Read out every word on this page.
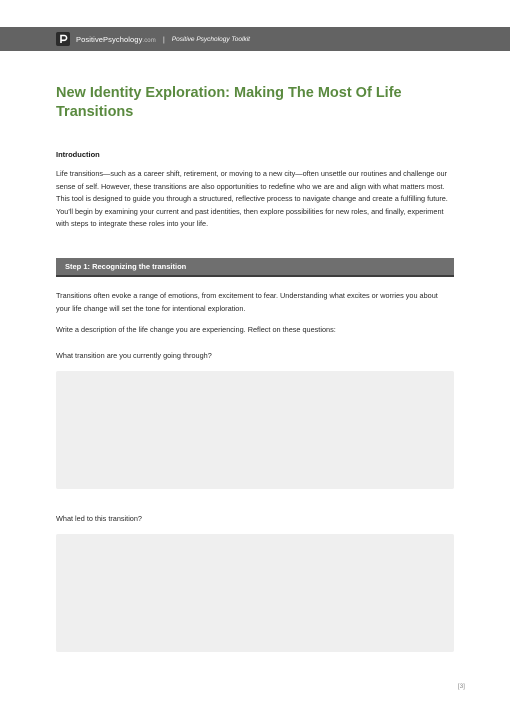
PositivePsychology.com | Positive Psychology Toolkit
New Identity Exploration: Making The Most Of Life Transitions
Introduction

Life transitions—such as a career shift, retirement, or moving to a new city—often unsettle our routines and challenge our sense of self. However, these transitions are also opportunities to redefine who we are and align with what matters most. This tool is designed to guide you through a structured, reflective process to navigate change and create a fulfilling future. You'll begin by examining your current and past identities, then explore possibilities for new roles, and finally, experiment with steps to integrate these roles into your life.

Step 1: Recognizing the transition

Transitions often evoke a range of emotions, from excitement to fear. Understanding what excites or worries you about your life change will set the tone for intentional exploration.

Write a description of the life change you are experiencing. Reflect on these questions:

What transition are you currently going through?

What led to this transition?

[3]
